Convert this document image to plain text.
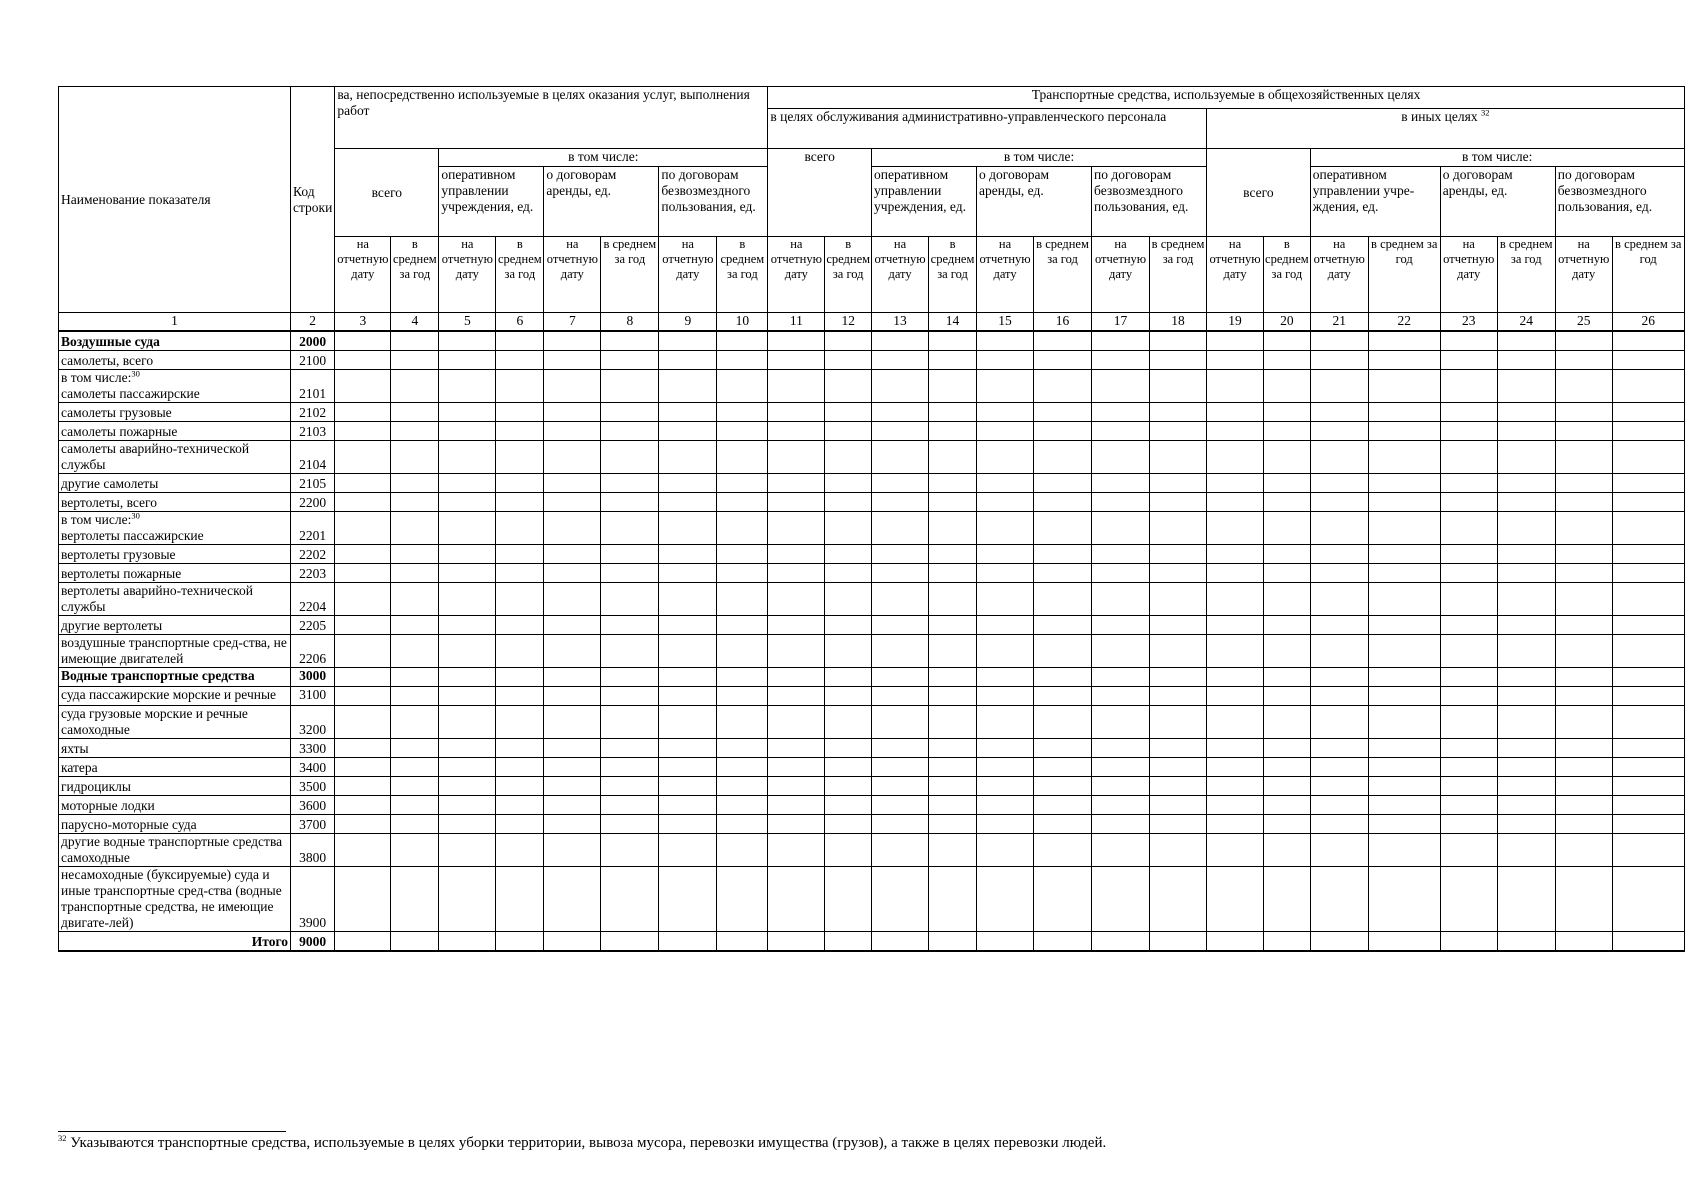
Наименование показателя	Код строки	ва, непосредственно используемые в целях оказания услуг, выполнения работ								Транспортные средства, используемые в общехозяйственных целях															
										в целях обслуживания административно-управленческого персонала								в иных целях $^{32}$
		всего		в том числе:						всего		в том числе:						всего		в том числе:					
				оперативном управлении учреждения, ед.		о договорам аренды, ед.		по договорам безвозмездного пользования, ед.				оперативном управлении учреждения, ед.		о договорам аренды, ед.		по договорам безвозмездного пользования, ед.				оперативном управлении учре-ждения, ед.		о договорам аренды, ед.		по договорам безвозмездного пользования, ед.	
		на отчетную дату	в среднем за год	на отчетную дату	в среднем за год	на отчетную дату	в среднем за год	на отчетную дату	в среднем за год	на отчетную дату	в среднем за год	на отчетную дату	в среднем за год	на отчетную дату	в среднем за год	на отчетную дату	в среднем за год	на отчетную дату	в среднем за год	на отчетную дату	в среднем за год	на отчетную дату	в среднем за год	на отчетную дату	в среднем за год
1	2	3	4	5	6	7	8	9	10	11	12	13	14	15	16	17	18	19	20	21	22	23	24	25	26

Воздушные суда	2000																								

самолеты, всего	2100																								

в том числе:$^{30}$
самолеты пассажирские	2101																								

самолеты грузовые	2102																								

самолеты пожарные	2103																								

самолеты аварийно-технической службы	2104																								

другие самолеты	2105																								

вертолеты, всего	2200																								

в том числе:$^{30}$
вертолеты пассажирские	2201																								

вертолеты грузовые	2202																								

вертолеты пожарные	2203																								

вертолеты аварийно-технической службы	2204																								

другие вертолеты	2205																								

воздушные транспортные сред-ства, не имеющие двигателей	2206																								

Водные транспортные средства	3000																								

суда пассажирские морские и речные	3100																								

суда грузовые морские и речные самоходные	3200																								

яхты	3300																								

катера	3400																								

гидроциклы	3500																								

моторные лодки	3600																								

парусно-моторные суда	3700																								

другие водные транспортные средства самоходные	3800																								

несамоходные (буксируемые) суда и иные транспортные сред-ства (водные транспортные средства, не имеющие двигате-лей)	3900																								
Итого	9000																								
$^{32}$ Указываются транспортные средства, используемые в целях уборки территории, вывоза мусора, перевозки имущества (грузов), а также в целях перевозки людей.
